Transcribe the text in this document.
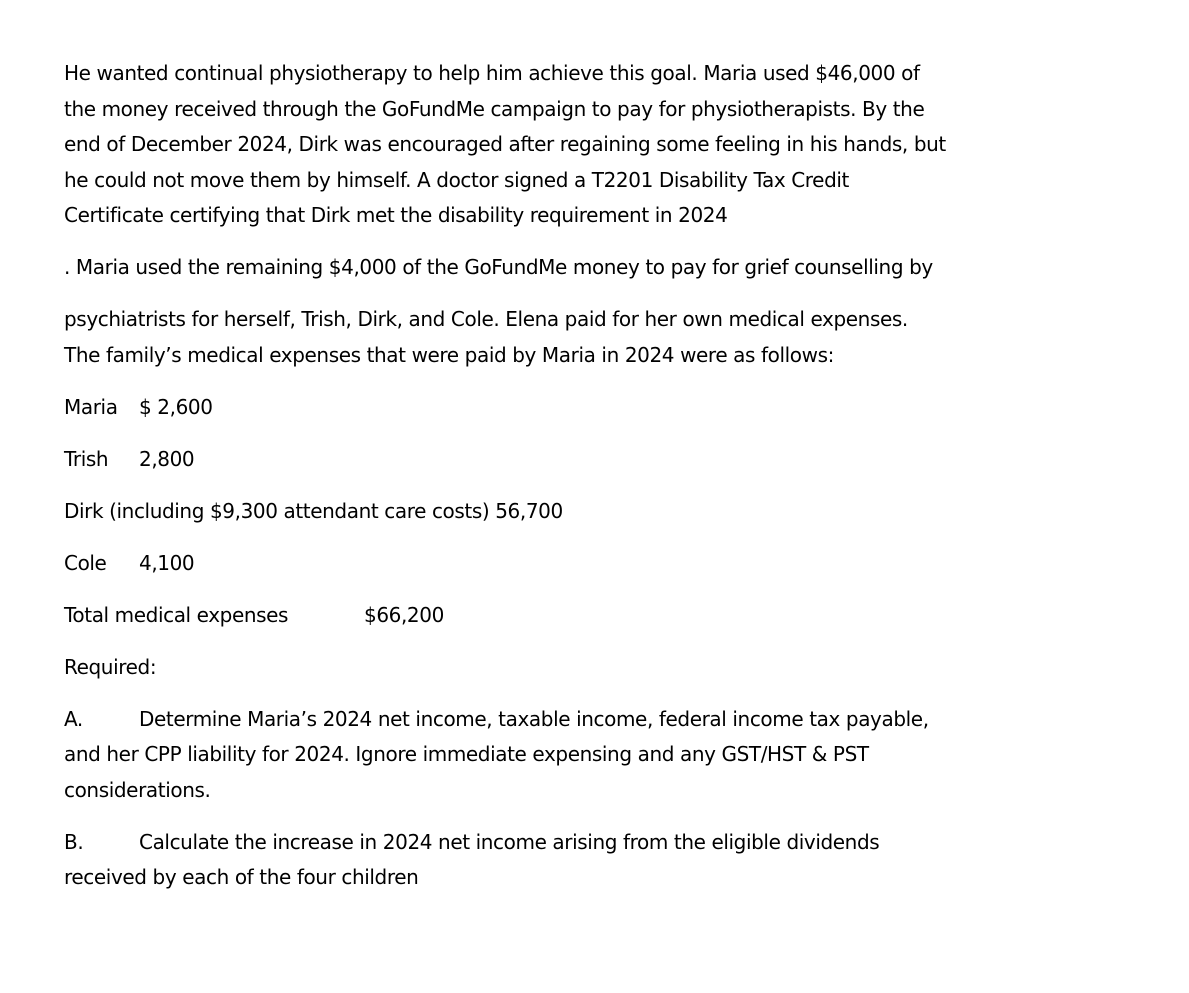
He wanted continual physiotherapy to help him achieve this goal. Maria used $46,000 of
the money received through the GoFundMe campaign to pay for physiotherapists. By the
end of December 2024, Dirk was encouraged after regaining some feeling in his hands, but
he could not move them by himself. A doctor signed a T2201 Disability Tax Credit
Certificate certifying that Dirk met the disability requirement in 2024

. Maria used the remaining $4,000 of the GoFundMe money to pay for grief counselling by

psychiatrists for herself, Trish, Dirk, and Cole. Elena paid for her own medical expenses.
The family’s medical expenses that were paid by Maria in 2024 were as follows:

Maria	$ 2,600
Trish	2,800
Dirk (including $9,300 attendant care costs) 56,700
Cole	4,100
Total medical expenses	$66,200

Required:

A.	Determine Maria’s 2024 net income, taxable income, federal income tax payable,
and her CPP liability for 2024. Ignore immediate expensing and any GST/HST & PST
considerations.
B.	Calculate the increase in 2024 net income arising from the eligible dividends
received by each of the four children
